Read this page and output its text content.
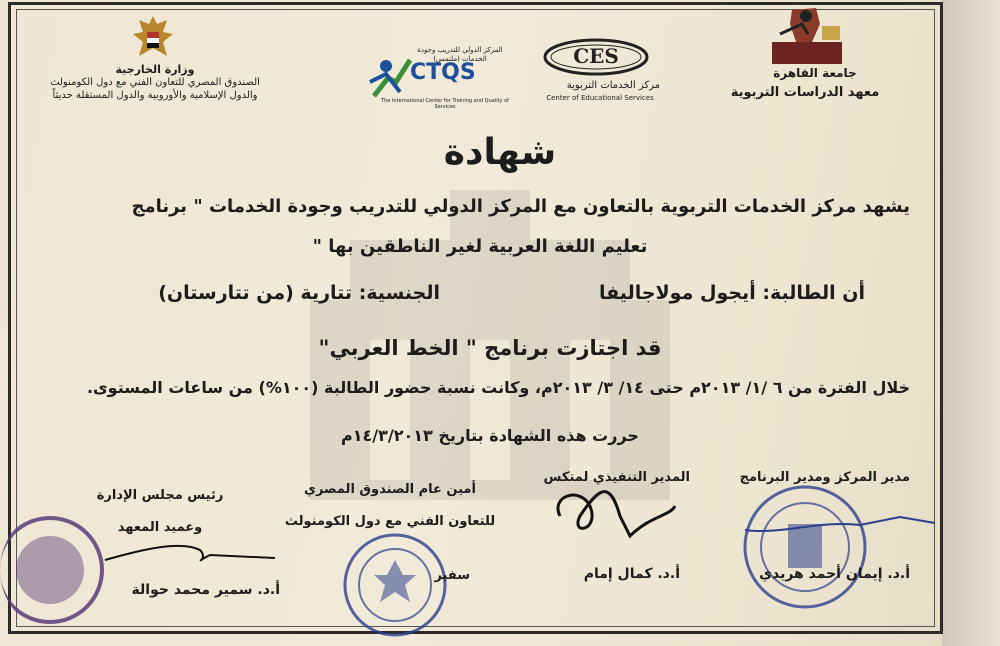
وزارة الخارجية
الصندوق المصري للتعاون الفني مع دول الكومنولث
والدول الإسلامية والأوروبية والدول المستقلة حديثاً
المركز الدولي للتدريب وجودة الخدمات (ملتمس)
CTQS
The International Center for Training and Quality of Services
CES
مركز الخدمات التربوية
Center of Educational Services
جامعة القاهرة
معهد الدراسات التربوية
شهادة
يشهد مركز الخدمات التربوية بالتعاون مع المركز الدولي للتدريب وجودة الخدمات " برنامج
تعليم اللغة العربية لغير الناطقين بها "
أن الطالبة: أيجول مولاجاليفا
الجنسية: تتارية (من تتارستان)
قد اجتازت برنامج " الخط العربي"
خلال الفترة من ٦ /١/ ٢٠١٣م حتى ١٤/ ٣/ ٢٠١٣م، وكانت نسبة حضور الطالبة (١٠٠%) من ساعات المستوى.
حررت هذه الشهادة بتاريخ ١٤/٣/٢٠١٣م
مدير المركز ومدير البرنامج
المدير التنفيذي لمتكس
أمين عام الصندوق المصري
للتعاون الفني مع دول الكومنولث
رئيس مجلس الإدارة
وعميد المعهد
أ.د. إيمان أحمد هريدي
أ.د. كمال إمام
سفير
أ.د. سمير محمد حوالة
